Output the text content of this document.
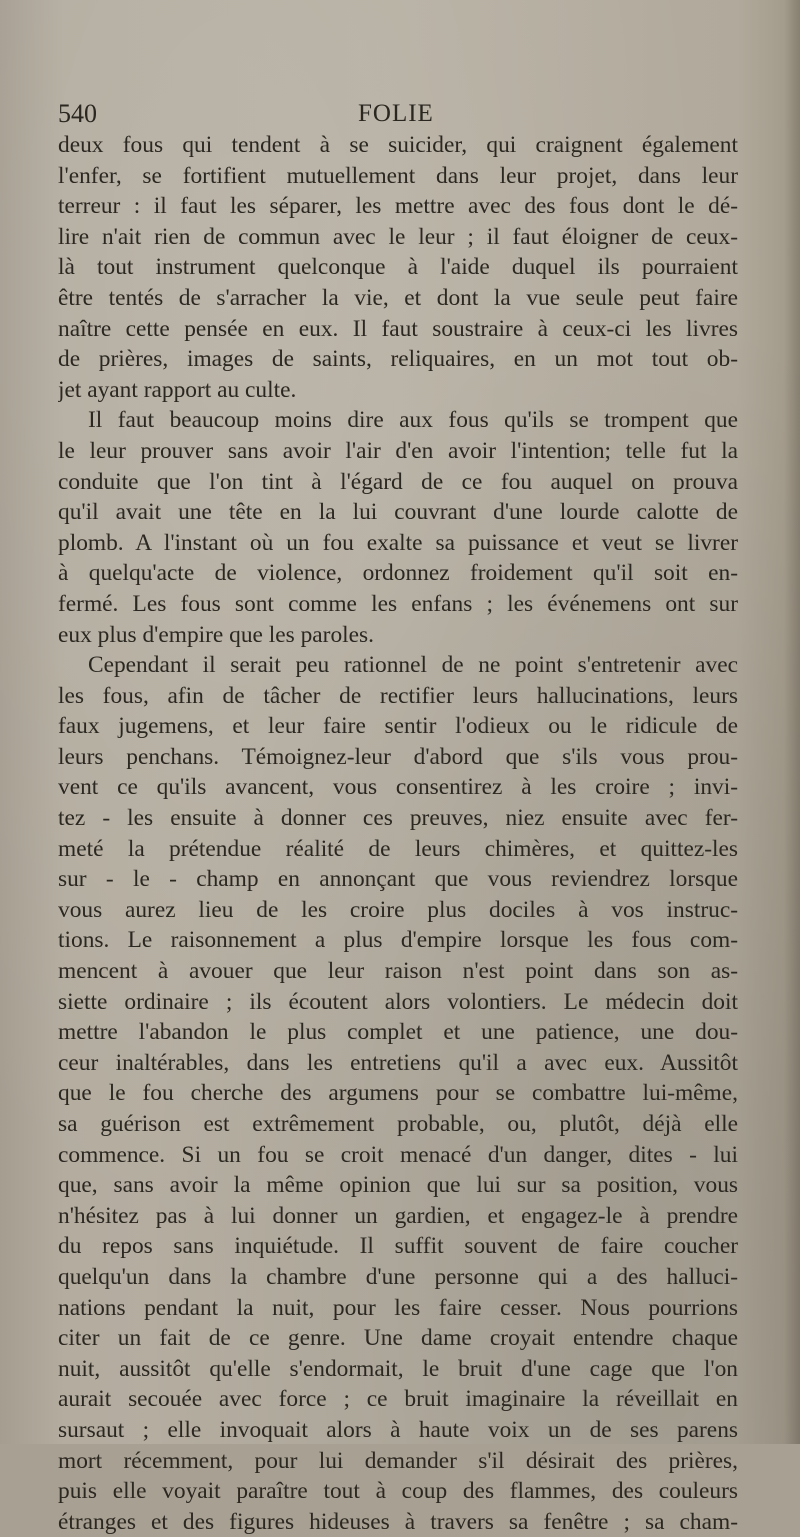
540	FOLIE
deux fous qui tendent à se suicider, qui craignent également
l'enfer, se fortifient mutuellement dans leur projet, dans leur
terreur : il faut les séparer, les mettre avec des fous dont le dé-
lire n'ait rien de commun avec le leur ; il faut éloigner de ceux-
là tout instrument quelconque à l'aide duquel ils pourraient
être tentés de s'arracher la vie, et dont la vue seule peut faire
naître cette pensée en eux. Il faut soustraire à ceux-ci les livres
de prières, images de saints, reliquaires, en un mot tout ob-
jet ayant rapport au culte.
Il faut beaucoup moins dire aux fous qu'ils se trompent que
le leur prouver sans avoir l'air d'en avoir l'intention; telle fut la
conduite que l'on tint à l'égard de ce fou auquel on prouva
qu'il avait une tête en la lui couvrant d'une lourde calotte de
plomb. A l'instant où un fou exalte sa puissance et veut se livrer
à quelqu'acte de violence, ordonnez froidement qu'il soit en-
fermé. Les fous sont comme les enfans ; les événemens ont sur
eux plus d'empire que les paroles.
Cependant il serait peu rationnel de ne point s'entretenir avec
les fous, afin de tâcher de rectifier leurs hallucinations, leurs
faux jugemens, et leur faire sentir l'odieux ou le ridicule de
leurs penchans. Témoignez-leur d'abord que s'ils vous prou-
vent ce qu'ils avancent, vous consentirez à les croire ; invi-
tez - les ensuite à donner ces preuves, niez ensuite avec fer-
meté la prétendue réalité de leurs chimères, et quittez-les
sur - le - champ en annonçant que vous reviendrez lorsque
vous aurez lieu de les croire plus dociles à vos instruc-
tions. Le raisonnement a plus d'empire lorsque les fous com-
mencent à avouer que leur raison n'est point dans son as-
siette ordinaire ; ils écoutent alors volontiers. Le médecin doit
mettre l'abandon le plus complet et une patience, une dou-
ceur inaltérables, dans les entretiens qu'il a avec eux. Aussitôt
que le fou cherche des argumens pour se combattre lui-même,
sa guérison est extrêmement probable, ou, plutôt, déjà elle
commence. Si un fou se croit menacé d'un danger, dites - lui
que, sans avoir la même opinion que lui sur sa position, vous
n'hésitez pas à lui donner un gardien, et engagez-le à prendre
du repos sans inquiétude. Il suffit souvent de faire coucher
quelqu'un dans la chambre d'une personne qui a des halluci-
nations pendant la nuit, pour les faire cesser. Nous pourrions
citer un fait de ce genre. Une dame croyait entendre chaque
nuit, aussitôt qu'elle s'endormait, le bruit d'une cage que l'on
aurait secouée avec force ; ce bruit imaginaire la réveillait en
sursaut ; elle invoquait alors à haute voix un de ses parens
mort récemment, pour lui demander s'il désirait des prières,
puis elle voyait paraître tout à coup des flammes, des couleurs
étranges et des figures hideuses à travers sa fenêtre ; sa cham-
